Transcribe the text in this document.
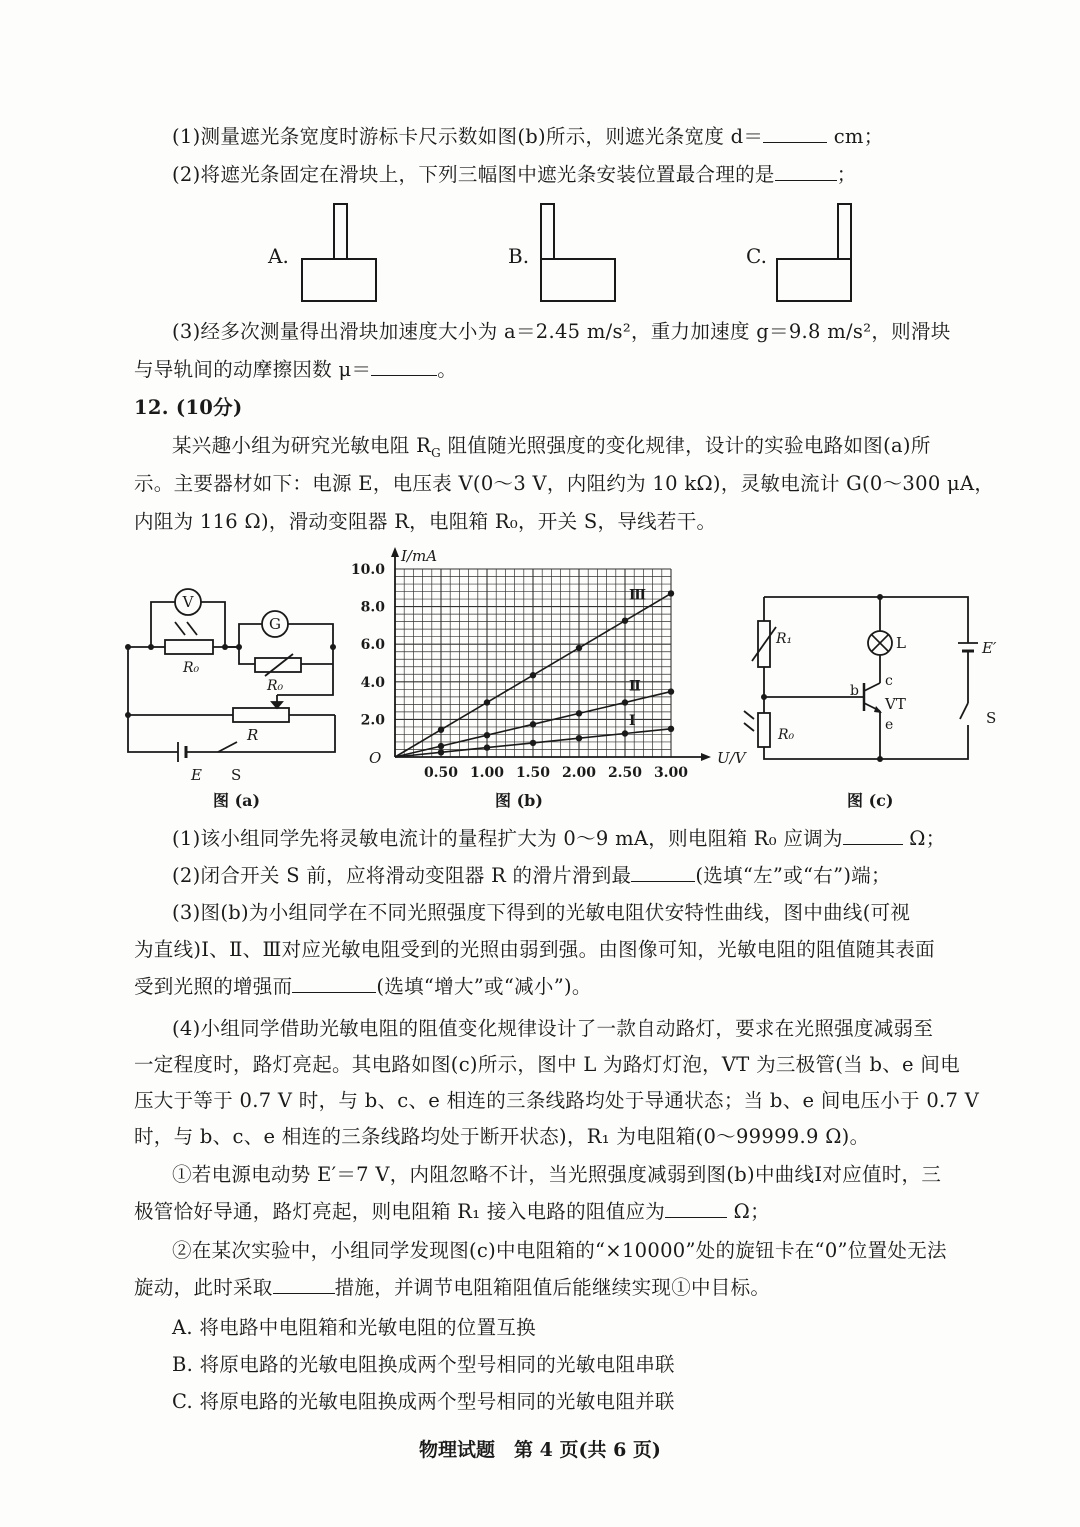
(1)测量遮光条宽度时游标卡尺示数如图(b)所示，则遮光条宽度 d＝	cm；
(2)将遮光条固定在滑块上，下列三幅图中遮光条安装位置最合理的是	；
A.	B.	C.
(3)经多次测量得出滑块加速度大小为 a＝2.45 m/s²，重力加速度 g＝9.8 m/s²，则滑块
与导轨间的动摩擦因数 μ＝	。
12. (10分)
某兴趣小组为研究光敏电阻 $R_G$ 阻值随光照强度的变化规律，设计的实验电路如图(a)所
示。主要器材如下：电源 E，电压表 V(0～3 V，内阻约为 10 kΩ)，灵敏电流计 G(0～300 μA，
内阻为 116 Ω)，滑动变阻器 R，电阻箱 R₀，开关 S，导线若干。
V
G
R₀
R₀
R
E S
图 (a)
U/V
I/mA
O
0.50 1.00 1.50 2.00 2.50 3.00
2.0
4.0
6.0
8.0
10.0
Ⅲ
Ⅱ
Ⅰ
图 (b)
R₁	L	E′
c
b
VT
e
R₀
S
图 (c)
(1)该小组同学先将灵敏电流计的量程扩大为 0～9 mA，则电阻箱 R₀ 应调为	Ω；
(2)闭合开关 S 前，应将滑动变阻器 R 的滑片滑到最	(选填“左”或“右”)端；
(3)图(b)为小组同学在不同光照强度下得到的光敏电阻伏安特性曲线，图中曲线(可视
为直线)Ⅰ、Ⅱ、Ⅲ对应光敏电阻受到的光照由弱到强。由图像可知，光敏电阻的阻值随其表面
受到光照的增强而	(选填“增大”或“减小”)。
(4)小组同学借助光敏电阻的阻值变化规律设计了一款自动路灯，要求在光照强度减弱至
一定程度时，路灯亮起。其电路如图(c)所示，图中 L 为路灯灯泡，VT 为三极管(当 b、e 间电
压大于等于 0.7 V 时，与 b、c、e 相连的三条线路均处于导通状态；当 b、e 间电压小于 0.7 V
时，与 b、c、e 相连的三条线路均处于断开状态)，R₁ 为电阻箱(0～99999.9 Ω)。
①若电源电动势 E′＝7 V，内阻忽略不计，当光照强度减弱到图(b)中曲线Ⅰ对应值时，三
极管恰好导通，路灯亮起，则电阻箱 R₁ 接入电路的阻值应为	Ω；
②在某次实验中，小组同学发现图(c)中电阻箱的“×10000”处的旋钮卡在“0”位置处无法
旋动，此时采取	措施，并调节电阻箱阻值后能继续实现①中目标。
A. 将电路中电阻箱和光敏电阻的位置互换
B. 将原电路的光敏电阻换成两个型号相同的光敏电阻串联
C. 将原电路的光敏电阻换成两个型号相同的光敏电阻并联
物理试题　第 4 页(共 6 页)
